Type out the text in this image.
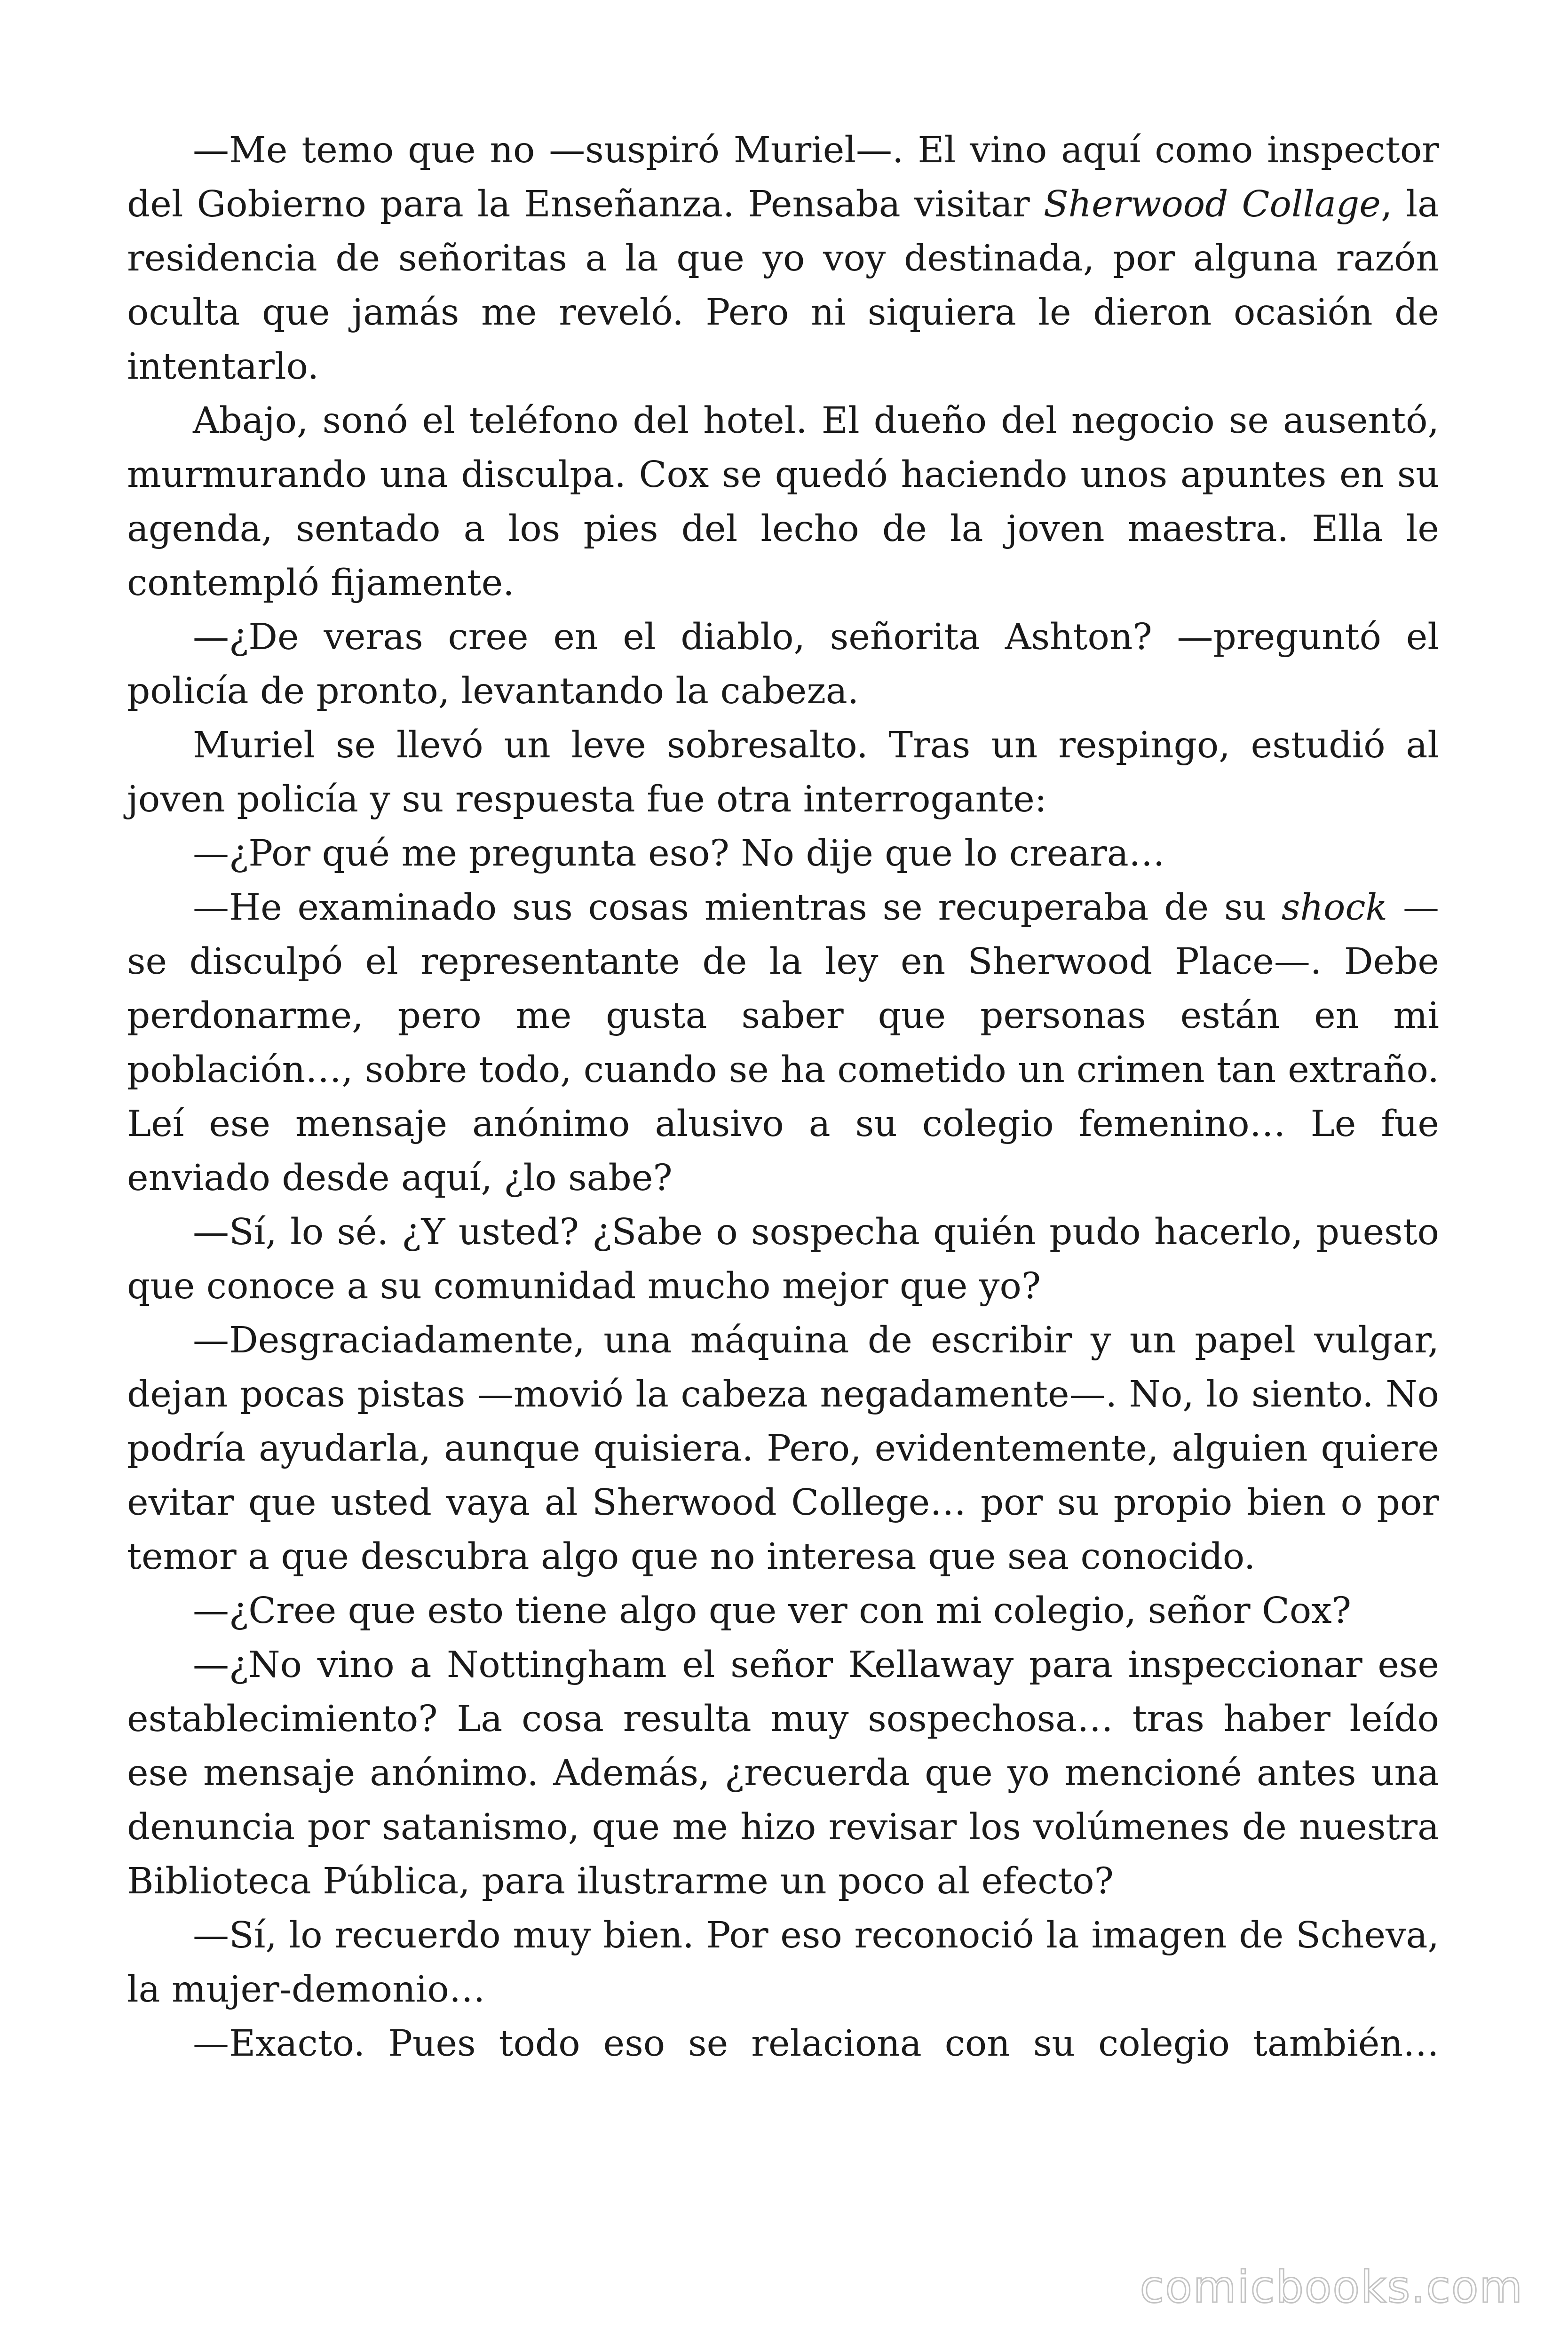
—Me temo que no —suspiró Muriel—. El vino aquí como inspector del Gobierno para la Enseñanza. Pensaba visitar Sherwood Collage, la residencia de señoritas a la que yo voy destinada, por alguna razón oculta que jamás me reveló. Pero ni siquiera le dieron ocasión de intentarlo.

Abajo, sonó el teléfono del hotel. El dueño del negocio se ausentó, murmurando una disculpa. Cox se quedó haciendo unos apuntes en su agenda, sentado a los pies del lecho de la joven maestra. Ella le contempló fijamente.

—¿De veras cree en el diablo, señorita Ashton? —preguntó el policía de pronto, levantando la cabeza.

Muriel se llevó un leve sobresalto. Tras un respingo, estudió al joven policía y su respuesta fue otra interrogante:

—¿Por qué me pregunta eso? No dije que lo creara…

—He examinado sus cosas mientras se recuperaba de su shock —se disculpó el representante de la ley en Sherwood Place—. Debe perdonarme, pero me gusta saber que personas están en mi población…, sobre todo, cuando se ha cometido un crimen tan extraño. Leí ese mensaje anónimo alusivo a su colegio femenino… Le fue enviado desde aquí, ¿lo sabe?

—Sí, lo sé. ¿Y usted? ¿Sabe o sospecha quién pudo hacerlo, puesto que conoce a su comunidad mucho mejor que yo?

—Desgraciadamente, una máquina de escribir y un papel vulgar, dejan pocas pistas —movió la cabeza negadamente—. No, lo siento. No podría ayudarla, aunque quisiera. Pero, evidentemente, alguien quiere evitar que usted vaya al Sherwood College… por su propio bien o por temor a que descubra algo que no interesa que sea conocido.

—¿Cree que esto tiene algo que ver con mi colegio, señor Cox?

—¿No vino a Nottingham el señor Kellaway para inspeccionar ese establecimiento? La cosa resulta muy sospechosa… tras haber leído ese mensaje anónimo. Además, ¿recuerda que yo mencioné antes una denuncia por satanismo, que me hizo revisar los volúmenes de nuestra Biblioteca Pública, para ilustrarme un poco al efecto?

—Sí, lo recuerdo muy bien. Por eso reconoció la imagen de Scheva, la mujer-demonio…

—Exacto. Pues todo eso se relaciona con su colegio también…

comicbooks.com
